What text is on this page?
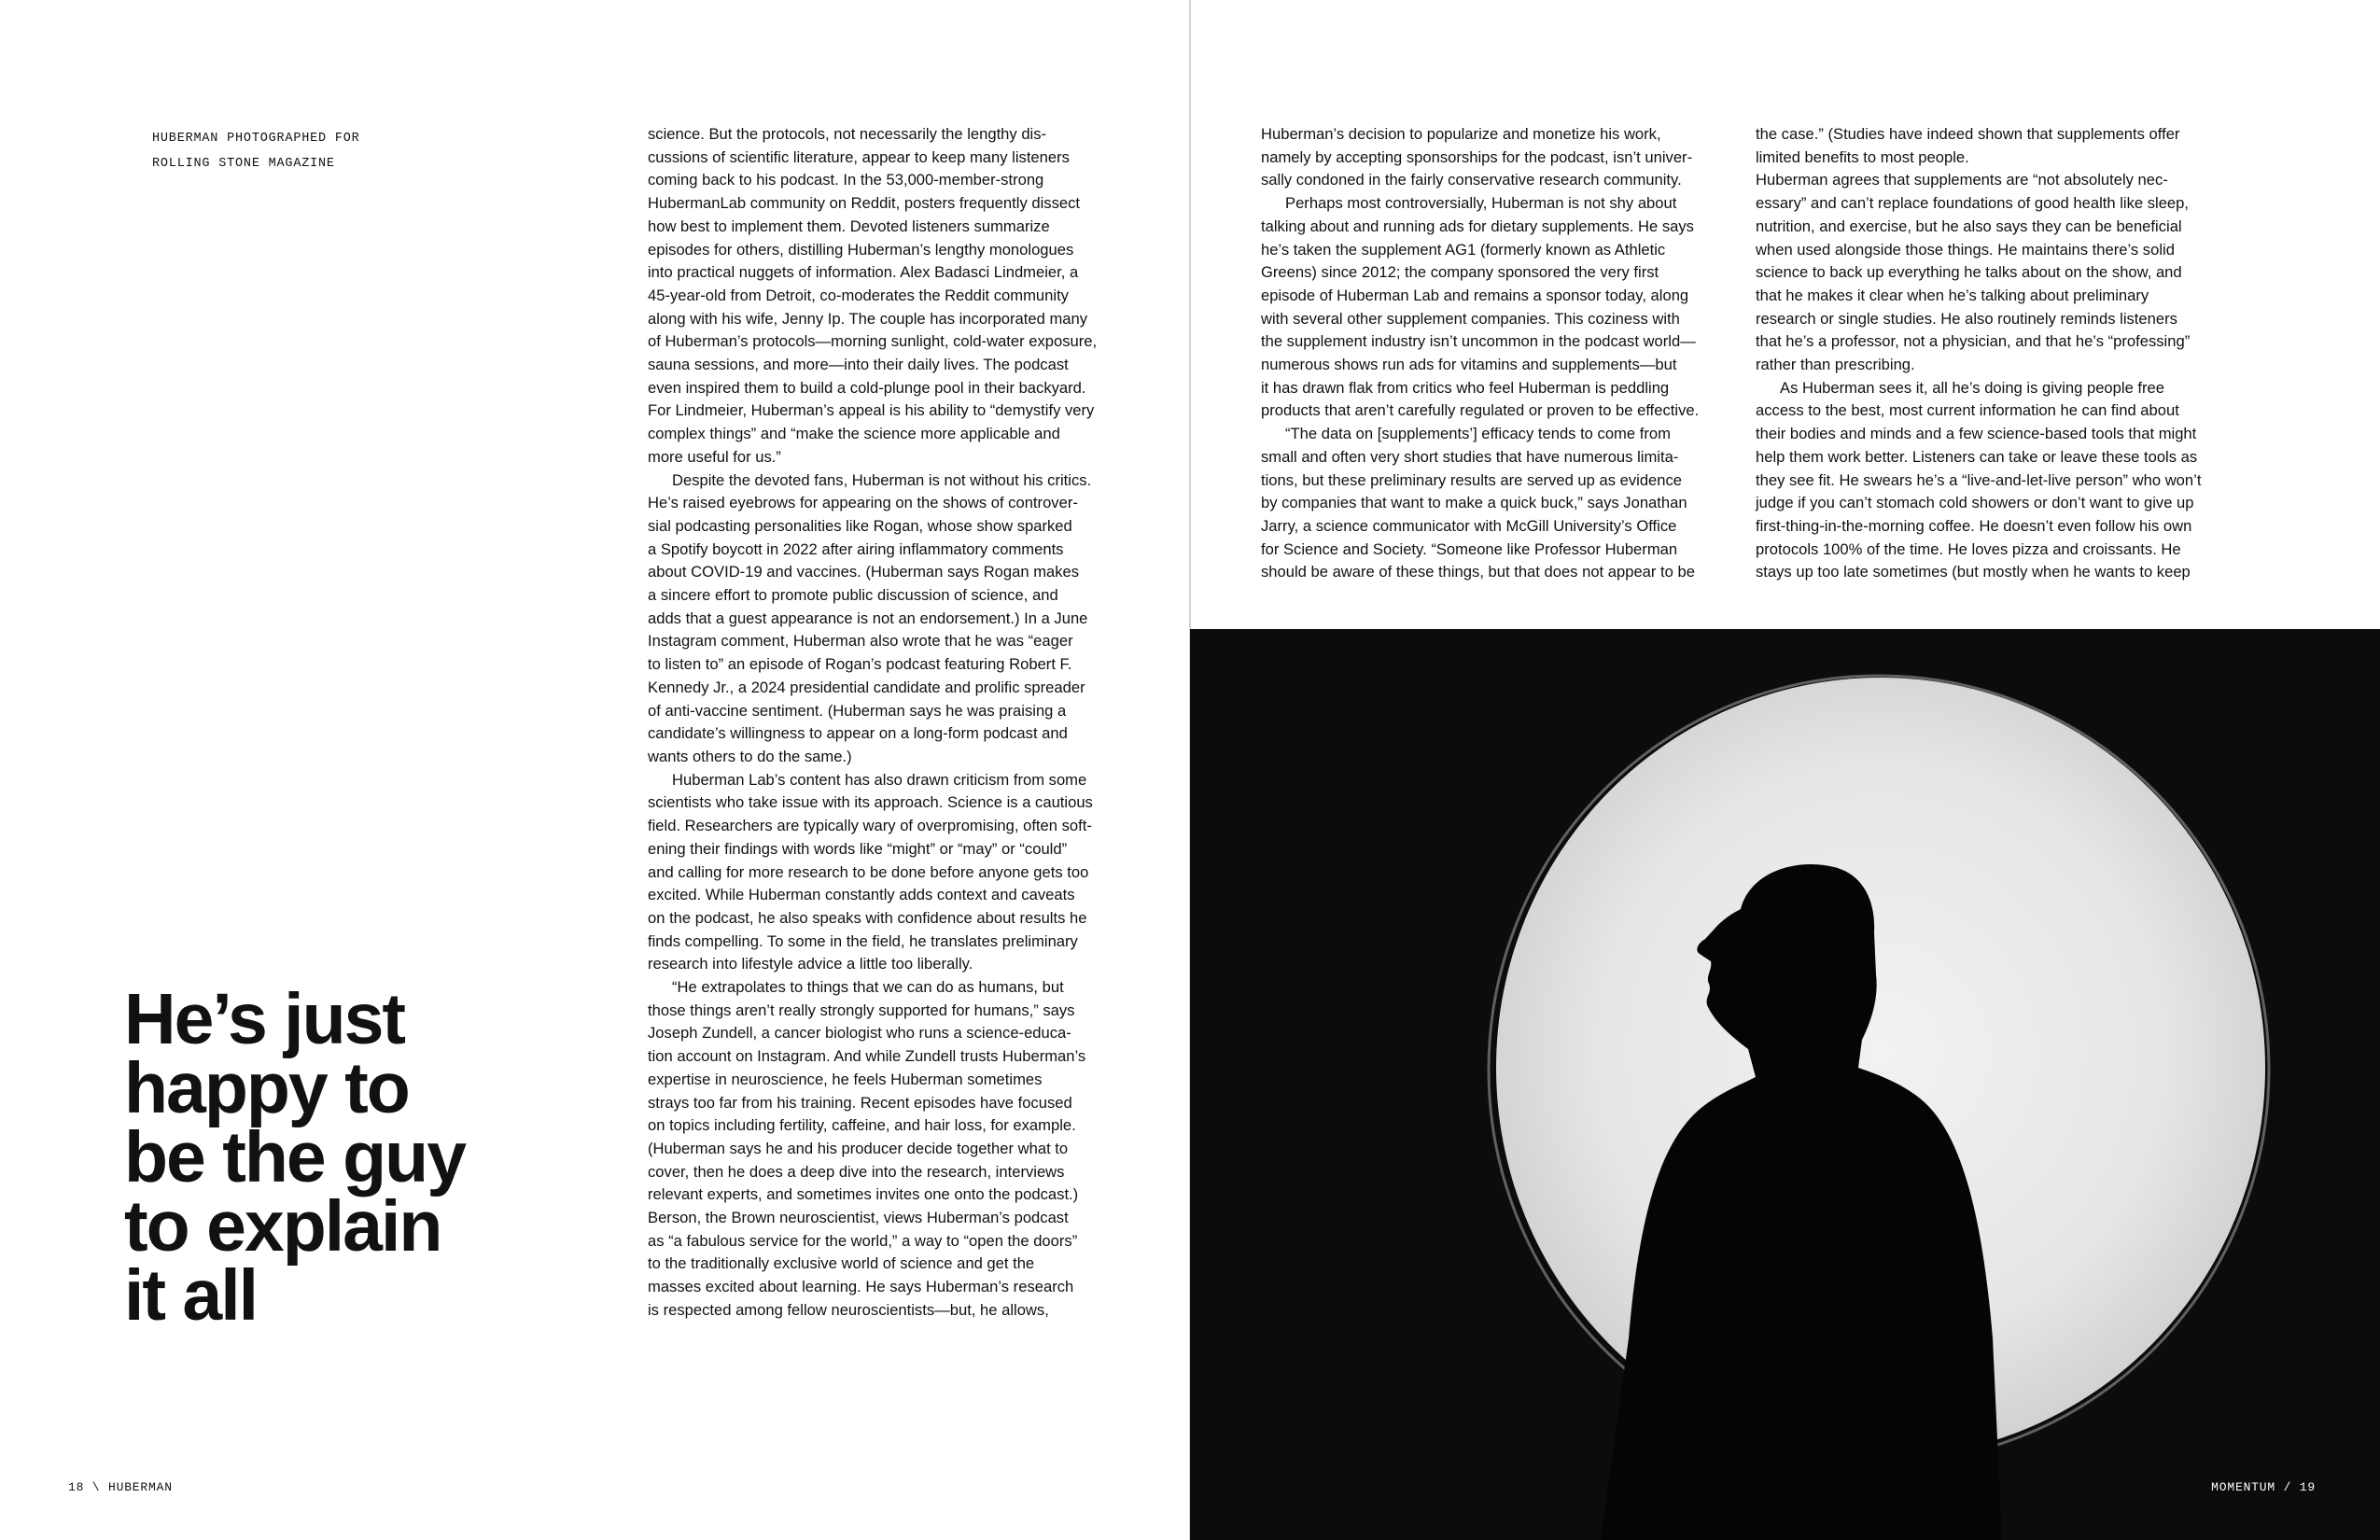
HUBERMAN PHOTOGRAPHED FOR
ROLLING STONE MAGAZINE
He’s just
happy to
be the guy
to explain
it all
science. But the protocols, not necessarily the lengthy dis-
cussions of scientific literature, appear to keep many listeners
coming back to his podcast. In the 53,000-member-strong
HubermanLab community on Reddit, posters frequently dissect
how best to implement them. Devoted listeners summarize
episodes for others, distilling Huberman’s lengthy monologues
into practical nuggets of information. Alex Badasci Lindmeier, a
45-year-old from Detroit, co-moderates the Reddit community
along with his wife, Jenny Ip. The couple has incorporated many
of Huberman’s protocols—morning sunlight, cold-water exposure,
sauna sessions, and more—into their daily lives. The podcast
even inspired them to build a cold-plunge pool in their backyard.
For Lindmeier, Huberman’s appeal is his ability to “demystify very
complex things” and “make the science more applicable and
more useful for us.”
Despite the devoted fans, Huberman is not without his critics.
He’s raised eyebrows for appearing on the shows of controver-
sial podcasting personalities like Rogan, whose show sparked
a Spotify boycott in 2022 after airing inflammatory comments
about COVID-19 and vaccines. (Huberman says Rogan makes
a sincere effort to promote public discussion of science, and
adds that a guest appearance is not an endorsement.) In a June
Instagram comment, Huberman also wrote that he was “eager
to listen to” an episode of Rogan’s podcast featuring Robert F.
Kennedy Jr., a 2024 presidential candidate and prolific spreader
of anti-vaccine sentiment. (Huberman says he was praising a
candidate’s willingness to appear on a long-form podcast and
wants others to do the same.)
Huberman Lab’s content has also drawn criticism from some
scientists who take issue with its approach. Science is a cautious
field. Researchers are typically wary of overpromising, often soft-
ening their findings with words like “might” or “may” or “could”
and calling for more research to be done before anyone gets too
excited. While Huberman constantly adds context and caveats
on the podcast, he also speaks with confidence about results he
finds compelling. To some in the field, he translates preliminary
research into lifestyle advice a little too liberally.
“He extrapolates to things that we can do as humans, but
those things aren’t really strongly supported for humans,” says
Joseph Zundell, a cancer biologist who runs a science-educa-
tion account on Instagram. And while Zundell trusts Huberman’s
expertise in neuroscience, he feels Huberman sometimes
strays too far from his training. Recent episodes have focused
on topics including fertility, caffeine, and hair loss, for example.
(Huberman says he and his producer decide together what to
cover, then he does a deep dive into the research, interviews
relevant experts, and sometimes invites one onto the podcast.)
Berson, the Brown neuroscientist, views Huberman’s podcast
as “a fabulous service for the world,” a way to “open the doors”
to the traditionally exclusive world of science and get the
masses excited about learning. He says Huberman’s research
is respected among fellow neuroscientists—but, he allows,
18 \ HUBERMAN
Huberman’s decision to popularize and monetize his work,
namely by accepting sponsorships for the podcast, isn’t univer-
sally condoned in the fairly conservative research community.
Perhaps most controversially, Huberman is not shy about
talking about and running ads for dietary supplements. He says
he’s taken the supplement AG1 (formerly known as Athletic
Greens) since 2012; the company sponsored the very first
episode of Huberman Lab and remains a sponsor today, along
with several other supplement companies. This coziness with
the supplement industry isn’t uncommon in the podcast world—
numerous shows run ads for vitamins and supplements—but
it has drawn flak from critics who feel Huberman is peddling
products that aren’t carefully regulated or proven to be effective.
“The data on [supplements’] efficacy tends to come from
small and often very short studies that have numerous limita-
tions, but these preliminary results are served up as evidence
by companies that want to make a quick buck,” says Jonathan
Jarry, a science communicator with McGill University’s Office
for Science and Society. “Someone like Professor Huberman
should be aware of these things, but that does not appear to be
the case.” (Studies have indeed shown that supplements offer
limited benefits to most people.
Huberman agrees that supplements are “not absolutely nec-
essary” and can’t replace foundations of good health like sleep,
nutrition, and exercise, but he also says they can be beneficial
when used alongside those things. He maintains there’s solid
science to back up everything he talks about on the show, and
that he makes it clear when he’s talking about preliminary
research or single studies. He also routinely reminds listeners
that he’s a professor, not a physician, and that he’s “professing”
rather than prescribing.
As Huberman sees it, all he’s doing is giving people free
access to the best, most current information he can find about
their bodies and minds and a few science-based tools that might
help them work better. Listeners can take or leave these tools as
they see fit. He swears he’s a “live-and-let-live person” who won’t
judge if you can’t stomach cold showers or don’t want to give up
first-thing-in-the-morning coffee. He doesn’t even follow his own
protocols 100% of the time. He loves pizza and croissants. He
stays up too late sometimes (but mostly when he wants to keep
MOMENTUM / 19
